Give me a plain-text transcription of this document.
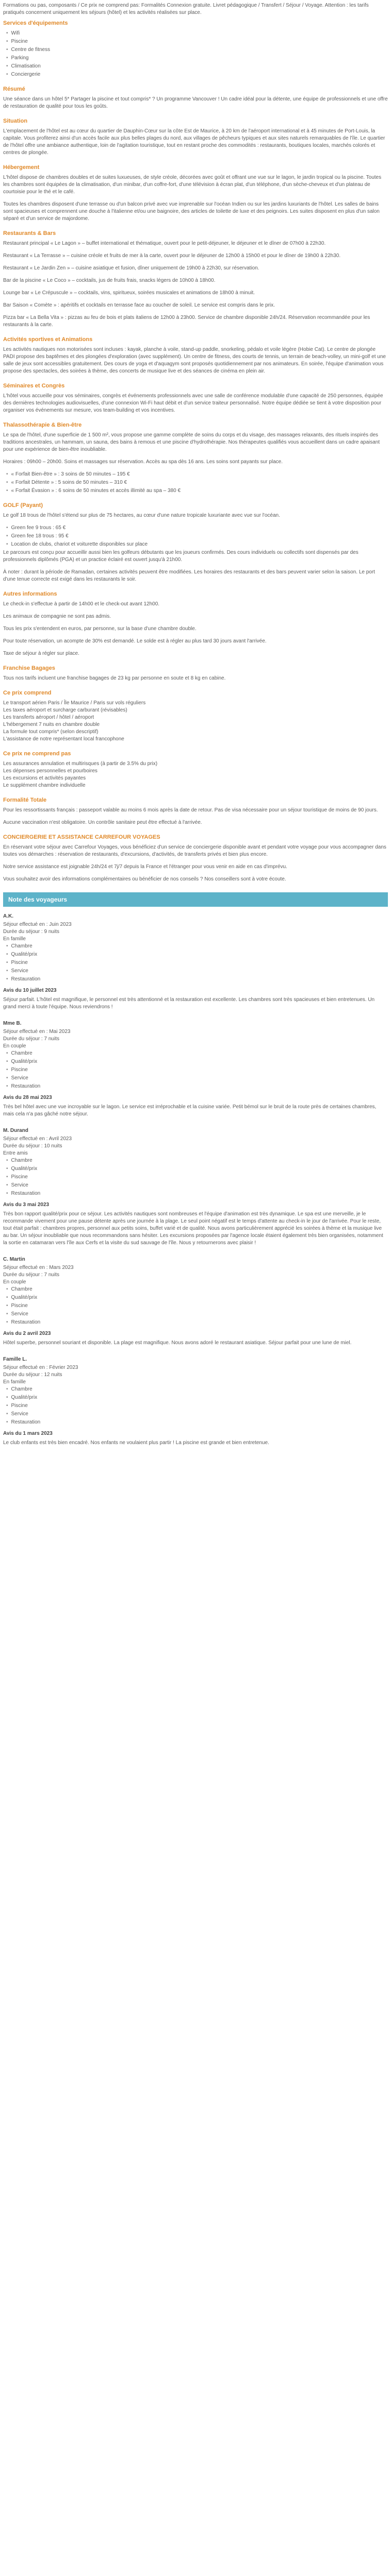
Formations ou pas, composants / Ce prix ne comprend pas: Formalités Connexion gratuite. Livret pédagogique / Transfert / Séjour / Voyage. Attention : les tarifs pratiqués concernent uniquement les séjours (hôtel) et les activités réalisées sur place.

Services d'équipements
• Wifi
• Piscine
• Centre de fitness
• Parking
• Climatisation
• Conciergerie
Résumé

Une séance dans un hôtel 5* Partager la piscine et tout compris* ? Un programme Vancouver ! Un cadre idéal pour la détente, une équipe de professionnels et une offre de restauration de qualité pour tous les goûts.

Situation

L'emplacement de l'hôtel est au cœur du quartier de Dauphin-Cœur sur la côte Est de Maurice, à 20 km de l'aéroport international et à 45 minutes de Port-Louis, la capitale. Vous profiterez ainsi d'un accès facile aux plus belles plages du nord, aux villages de pêcheurs typiques et aux sites naturels remarquables de l'île. Le quartier de l'hôtel offre une ambiance authentique, loin de l'agitation touristique, tout en restant proche des commodités : restaurants, boutiques locales, marchés colorés et centres de plongée.

Hébergement

L'hôtel dispose de chambres doubles et de suites luxueuses, de style créole, décorées avec goût et offrant une vue sur le lagon, le jardin tropical ou la piscine. Toutes les chambres sont équipées de la climatisation, d'un minibar, d'un coffre-fort, d'une télévision à écran plat, d'un téléphone, d'un sèche-cheveux et d'un plateau de courtoisie pour le thé et le café.

Toutes les chambres disposent d'une terrasse ou d'un balcon privé avec vue imprenable sur l'océan Indien ou sur les jardins luxuriants de l'hôtel. Les salles de bains sont spacieuses et comprennent une douche à l'italienne et/ou une baignoire, des articles de toilette de luxe et des peignoirs. Les suites disposent en plus d'un salon séparé et d'un service de majordome.

Restaurants & Bars

Restaurant principal « Le Lagon » – buffet international et thématique, ouvert pour le petit-déjeuner, le déjeuner et le dîner de 07h00 à 22h30.

Restaurant « La Terrasse » – cuisine créole et fruits de mer à la carte, ouvert pour le déjeuner de 12h00 à 15h00 et pour le dîner de 19h00 à 22h30.

Restaurant « Le Jardin Zen » – cuisine asiatique et fusion, dîner uniquement de 19h00 à 22h30, sur réservation.

Bar de la piscine « Le Coco » – cocktails, jus de fruits frais, snacks légers de 10h00 à 18h00.

Lounge bar « Le Crépuscule » – cocktails, vins, spiritueux, soirées musicales et animations de 18h00 à minuit.

Bar Saison « Comète » : apéritifs et cocktails en terrasse face au coucher de soleil. Le service est compris dans le prix.

Pizza bar « La Bella Vita » : pizzas au feu de bois et plats italiens de 12h00 à 23h00. Service de chambre disponible 24h/24. Réservation recommandée pour les restaurants à la carte.

Activités sportives et Animations

Les activités nautiques non motorisées sont incluses : kayak, planche à voile, stand-up paddle, snorkeling, pédalo et voile légère (Hobie Cat). Le centre de plongée PADI propose des baptêmes et des plongées d'exploration (avec supplément). Un centre de fitness, des courts de tennis, un terrain de beach-volley, un mini-golf et une salle de jeux sont accessibles gratuitement. Des cours de yoga et d'aquagym sont proposés quotidiennement par nos animateurs. En soirée, l'équipe d'animation vous propose des spectacles, des soirées à thème, des concerts de musique live et des séances de cinéma en plein air.

Séminaires et Congrès

L'hôtel vous accueille pour vos séminaires, congrès et événements professionnels avec une salle de conférence modulable d'une capacité de 250 personnes, équipée des dernières technologies audiovisuelles, d'une connexion Wi-Fi haut débit et d'un service traiteur personnalisé. Notre équipe dédiée se tient à votre disposition pour organiser vos événements sur mesure, vos team-building et vos incentives.

Thalassothérapie & Bien-être

Le spa de l'hôtel, d'une superficie de 1 500 m², vous propose une gamme complète de soins du corps et du visage, des massages relaxants, des rituels inspirés des traditions ancestrales, un hammam, un sauna, des bains à remous et une piscine d'hydrothérapie. Nos thérapeutes qualifiés vous accueillent dans un cadre apaisant pour une expérience de bien-être inoubliable.

Horaires : 09h00 – 20h00. Soins et massages sur réservation. Accès au spa dès 16 ans. Les soins sont payants sur place.

• « Forfait Bien-être » : 3 soins de 50 minutes – 195 €
• « Forfait Détente » : 5 soins de 50 minutes – 310 €
• « Forfait Évasion » : 6 soins de 50 minutes et accès illimité au spa – 380 €
GOLF (Payant)

Le golf 18 trous de l'hôtel s'étend sur plus de 75 hectares, au cœur d'une nature tropicale luxuriante avec vue sur l'océan.

• Green fee 9 trous : 65 €
• Green fee 18 trous : 95 €
• Location de clubs, chariot et voiturette disponibles sur place

Le parcours est conçu pour accueillir aussi bien les golfeurs débutants que les joueurs confirmés. Des cours individuels ou collectifs sont dispensés par des professionnels diplômés (PGA) et un practice éclairé est ouvert jusqu'à 21h00.

À noter : durant la période de Ramadan, certaines activités peuvent être modifiées. Les horaires des restaurants et des bars peuvent varier selon la saison. Le port d'une tenue correcte est exigé dans les restaurants le soir.

Autres informations

Le check-in s'effectue à partir de 14h00 et le check-out avant 12h00.

Les animaux de compagnie ne sont pas admis.

Tous les prix s'entendent en euros, par personne, sur la base d'une chambre double.

Pour toute réservation, un acompte de 30% est demandé. Le solde est à régler au plus tard 30 jours avant l'arrivée.

Taxe de séjour à régler sur place.

Franchise Bagages

Tous nos tarifs incluent une franchise bagages de 23 kg par personne en soute et 8 kg en cabine.

Ce prix comprend
Le transport aérien Paris / Île Maurice / Paris sur vols réguliers
Les taxes aéroport et surcharge carburant (révisables)
Les transferts aéroport / hôtel / aéroport
L'hébergement 7 nuits en chambre double
La formule tout compris* (selon descriptif)
L'assistance de notre représentant local francophone
Ce prix ne comprend pas
Les assurances annulation et multirisques (à partir de 3.5% du prix)
Les dépenses personnelles et pourboires
Les excursions et activités payantes
Le supplément chambre individuelle
Formalité Totale

Pour les ressortissants français : passeport valable au moins 6 mois après la date de retour. Pas de visa nécessaire pour un séjour touristique de moins de 90 jours.

Aucune vaccination n'est obligatoire. Un contrôle sanitaire peut être effectué à l'arrivée.

CONCIERGERIE ET ASSISTANCE CARREFOUR VOYAGES

En réservant votre séjour avec Carrefour Voyages, vous bénéficiez d'un service de conciergerie disponible avant et pendant votre voyage pour vous accompagner dans toutes vos démarches : réservation de restaurants, d'excursions, d'activités, de transferts privés et bien plus encore.

Notre service assistance est joignable 24h/24 et 7j/7 depuis la France et l'étranger pour vous venir en aide en cas d'imprévu.

Vous souhaitez avoir des informations complémentaires ou bénéficier de nos conseils ? Nos conseillers sont à votre écoute.

Note des voyageurs
A.K.
Séjour effectué en : Juin 2023
Durée du séjour : 9 nuits
En famille
• Chambre
• Qualité/prix
• Piscine
• Service
• Restauration
Avis du 10 juillet 2023

Séjour parfait. L'hôtel est magnifique, le personnel est très attentionné et la restauration est excellente. Les chambres sont très spacieuses et bien entretenues. Un grand merci à toute l'équipe. Nous reviendrons !

Mme B.
Séjour effectué en : Mai 2023
Durée du séjour : 7 nuits
En couple
• Chambre
• Qualité/prix
• Piscine
• Service
• Restauration
Avis du 28 mai 2023

Très bel hôtel avec une vue incroyable sur le lagon. Le service est irréprochable et la cuisine variée. Petit bémol sur le bruit de la route près de certaines chambres, mais cela n'a pas gâché notre séjour.

M. Durand
Séjour effectué en : Avril 2023
Durée du séjour : 10 nuits
Entre amis
• Chambre
• Qualité/prix
• Piscine
• Service
• Restauration
Avis du 3 mai 2023

Très bon rapport qualité/prix pour ce séjour. Les activités nautiques sont nombreuses et l'équipe d'animation est très dynamique. Le spa est une merveille, je le recommande vivement pour une pause détente après une journée à la plage. Le seul point négatif est le temps d'attente au check-in le jour de l'arrivée. Pour le reste, tout était parfait : chambres propres, personnel aux petits soins, buffet varié et de qualité. Nous avons particulièrement apprécié les soirées à thème et la musique live au bar. Un séjour inoubliable que nous recommandons sans hésiter. Les excursions proposées par l'agence locale étaient également très bien organisées, notamment la sortie en catamaran vers l'île aux Cerfs et la visite du sud sauvage de l'île. Nous y retournerons avec plaisir !

C. Martin
Séjour effectué en : Mars 2023
Durée du séjour : 7 nuits
En couple
• Chambre
• Qualité/prix
• Piscine
• Service
• Restauration
Avis du 2 avril 2023

Hôtel superbe, personnel souriant et disponible. La plage est magnifique. Nous avons adoré le restaurant asiatique. Séjour parfait pour une lune de miel.

Famille L.
Séjour effectué en : Février 2023
Durée du séjour : 12 nuits
En famille
• Chambre
• Qualité/prix
• Piscine
• Service
• Restauration
Avis du 1 mars 2023

Le club enfants est très bien encadré. Nos enfants ne voulaient plus partir ! La piscine est grande et bien entretenue.
